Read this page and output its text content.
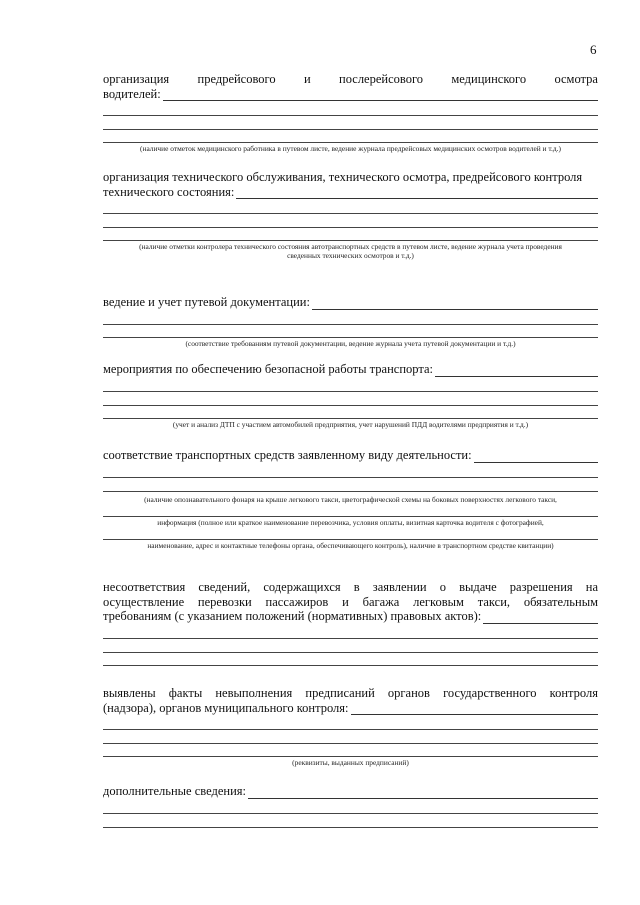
6
организация предрейсового и послерейсового медицинского осмотра
водителей:
(наличие отметок медицинского работника в путевом листе, ведение журнала предрейсовых медицинских осмотров водителей и т.д.)
организация технического обслуживания, технического осмотра, предрейсового контроля
технического состояния:
(наличие отметки контролера технического состояния автотранспортных средств в путевом листе, ведение журнала учета проведения
сведенных технических осмотров и т.д.)
ведение и учет путевой документации:
(соответствие требованиям путевой документации, ведение журнала учета путевой документации и т.д.)
мероприятия по обеспечению безопасной работы транспорта:
(учет и анализ ДТП с участием автомобилей предприятия, учет нарушений ПДД водителями предприятия и т.д.)
соответствие транспортных средств заявленному виду деятельности:
(наличие опознавательного фонаря на крыше легкового такси, цветографической схемы на боковых поверхностях легкового такси,
информация (полное или краткое наименование перевозчика, условия оплаты, визитная карточка водителя с фотографией,
наименование, адрес и контактные телефоны органа, обеспечивающего контроль), наличие в транспортном средстве квитанции)
несоответствия сведений, содержащихся в заявлении о выдаче разрешения на
осуществление перевозки пассажиров и багажа легковым такси, обязательным
требованиям (с указанием положений (нормативных) правовых актов):
выявлены факты невыполнения предписаний органов государственного контроля
(надзора), органов муниципального контроля:
(реквизиты, выданных предписаний)
дополнительные сведения:
